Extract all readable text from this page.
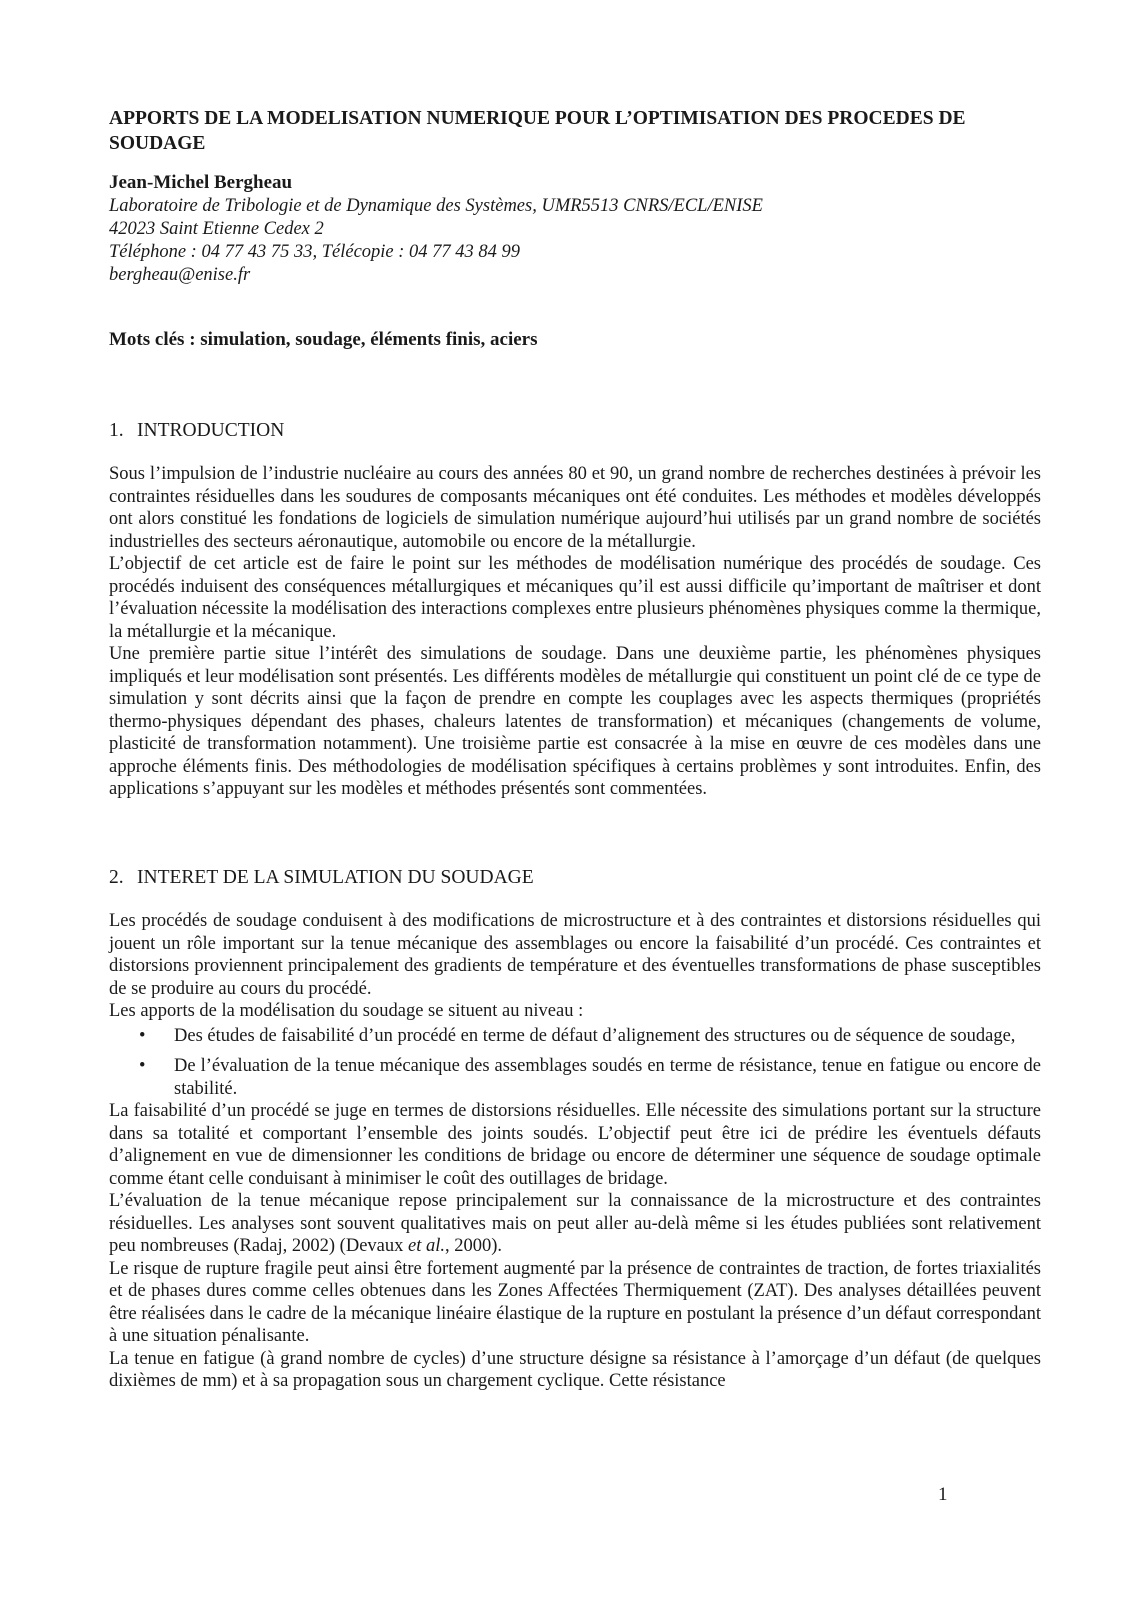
APPORTS DE LA MODELISATION NUMERIQUE POUR L’OPTIMISATION DES PROCEDES DE SOUDAGE
Jean-Michel Bergheau
Laboratoire de Tribologie et de Dynamique des Systèmes, UMR5513 CNRS/ECL/ENISE
42023 Saint Etienne Cedex 2
Téléphone : 04 77 43 75 33, Télécopie : 04 77 43 84 99
bergheau@enise.fr
Mots clés : simulation, soudage, éléments finis, aciers
1. INTRODUCTION

Sous l’impulsion de l’industrie nucléaire au cours des années 80 et 90, un grand nombre de recherches destinées à prévoir les contraintes résiduelles dans les soudures de composants mécaniques ont été conduites. Les méthodes et modèles développés ont alors constitué les fondations de logiciels de simulation numérique aujourd’hui utilisés par un grand nombre de sociétés industrielles des secteurs aéronautique, automobile ou encore de la métallurgie.

L’objectif de cet article est de faire le point sur les méthodes de modélisation numérique des procédés de soudage. Ces procédés induisent des conséquences métallurgiques et mécaniques qu’il est aussi difficile qu’important de maîtriser et dont l’évaluation nécessite la modélisation des interactions complexes entre plusieurs phénomènes physiques comme la thermique, la métallurgie et la mécanique.

Une première partie situe l’intérêt des simulations de soudage. Dans une deuxième partie, les phénomènes physiques impliqués et leur modélisation sont présentés. Les différents modèles de métallurgie qui constituent un point clé de ce type de simulation y sont décrits ainsi que la façon de prendre en compte les couplages avec les aspects thermiques (propriétés thermo-physiques dépendant des phases, chaleurs latentes de transformation) et mécaniques (changements de volume, plasticité de transformation notamment). Une troisième partie est consacrée à la mise en œuvre de ces modèles dans une approche éléments finis. Des méthodologies de modélisation spécifiques à certains problèmes y sont introduites. Enfin, des applications s’appuyant sur les modèles et méthodes présentés sont commentées.

2. INTERET DE LA SIMULATION DU SOUDAGE

Les procédés de soudage conduisent à des modifications de microstructure et à des contraintes et distorsions résiduelles qui jouent un rôle important sur la tenue mécanique des assemblages ou encore la faisabilité d’un procédé. Ces contraintes et distorsions proviennent principalement des gradients de température et des éventuelles transformations de phase susceptibles de se produire au cours du procédé.

Les apports de la modélisation du soudage se situent au niveau :

• Des études de faisabilité d’un procédé en terme de défaut d’alignement des structures ou de séquence de soudage,
• De l’évaluation de la tenue mécanique des assemblages soudés en terme de résistance, tenue en fatigue ou encore de stabilité.

La faisabilité d’un procédé se juge en termes de distorsions résiduelles. Elle nécessite des simulations portant sur la structure dans sa totalité et comportant l’ensemble des joints soudés. L’objectif peut être ici de prédire les éventuels défauts d’alignement en vue de dimensionner les conditions de bridage ou encore de déterminer une séquence de soudage optimale comme étant celle conduisant à minimiser le coût des outillages de bridage.

L’évaluation de la tenue mécanique repose principalement sur la connaissance de la microstructure et des contraintes résiduelles. Les analyses sont souvent qualitatives mais on peut aller au-delà même si les études publiées sont relativement peu nombreuses (Radaj, 2002) (Devaux et al., 2000).

Le risque de rupture fragile peut ainsi être fortement augmenté par la présence de contraintes de traction, de fortes triaxialités et de phases dures comme celles obtenues dans les Zones Affectées Thermiquement (ZAT). Des analyses détaillées peuvent être réalisées dans le cadre de la mécanique linéaire élastique de la rupture en postulant la présence d’un défaut correspondant à une situation pénalisante.

La tenue en fatigue (à grand nombre de cycles) d’une structure désigne sa résistance à l’amorçage d’un défaut (de quelques dixièmes de mm) et à sa propagation sous un chargement cyclique. Cette résistance

1
